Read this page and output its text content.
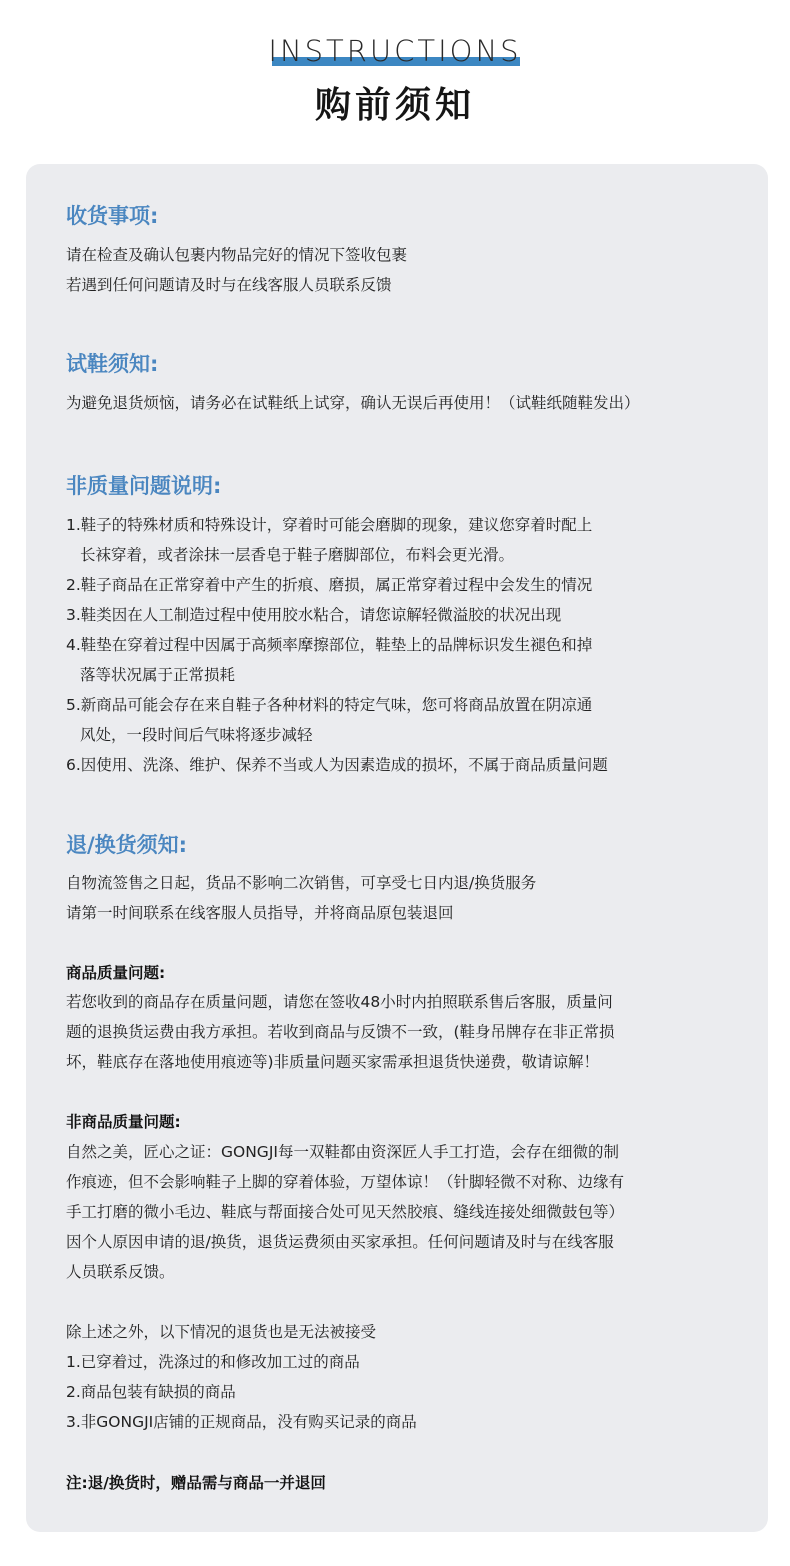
INSTRUCTIONS
购前须知
收货事项:
请在检查及确认包裹内物品完好的情况下签收包裹
若遇到任何问题请及时与在线客服人员联系反馈
试鞋须知:
为避免退货烦恼，请务必在试鞋纸上试穿，确认无误后再使用！（试鞋纸随鞋发出）
非质量问题说明:
1.鞋子的特殊材质和特殊设计，穿着时可能会磨脚的现象，建议您穿着时配上
长袜穿着，或者涂抹一层香皂于鞋子磨脚部位，布料会更光滑。
2.鞋子商品在正常穿着中产生的折痕、磨损，属正常穿着过程中会发生的情况
3.鞋类因在人工制造过程中使用胶水粘合，请您谅解轻微溢胶的状况出现
4.鞋垫在穿着过程中因属于高频率摩擦部位，鞋垫上的品牌标识发生褪色和掉
落等状况属于正常损耗
5.新商品可能会存在来自鞋子各种材料的特定气味，您可将商品放置在阴凉通
风处，一段时间后气味将逐步减轻
6.因使用、洗涤、维护、保养不当或人为因素造成的损坏，不属于商品质量问题
退/换货须知:
自物流签售之日起，货品不影响二次销售，可享受七日内退/换货服务
请第一时间联系在线客服人员指导，并将商品原包装退回
商品质量问题:
若您收到的商品存在质量问题，请您在签收48小时内拍照联系售后客服，质量问
题的退换货运费由我方承担。若收到商品与反馈不一致，(鞋身吊牌存在非正常损
坏，鞋底存在落地使用痕迹等)非质量问题买家需承担退货快递费，敬请谅解！
非商品质量问题:
自然之美，匠心之证：GONGJI每一双鞋都由资深匠人手工打造，会存在细微的制
作痕迹，但不会影响鞋子上脚的穿着体验，万望体谅！（针脚轻微不对称、边缘有
手工打磨的微小毛边、鞋底与帮面接合处可见天然胶痕、缝线连接处细微鼓包等）
因个人原因申请的退/换货，退货运费须由买家承担。任何问题请及时与在线客服
人员联系反馈。
除上述之外，以下情况的退货也是无法被接受
1.已穿着过，洗涤过的和修改加工过的商品
2.商品包装有缺损的商品
3.非GONGJI店铺的正规商品，没有购买记录的商品
注:退/换货时，赠品需与商品一并退回
